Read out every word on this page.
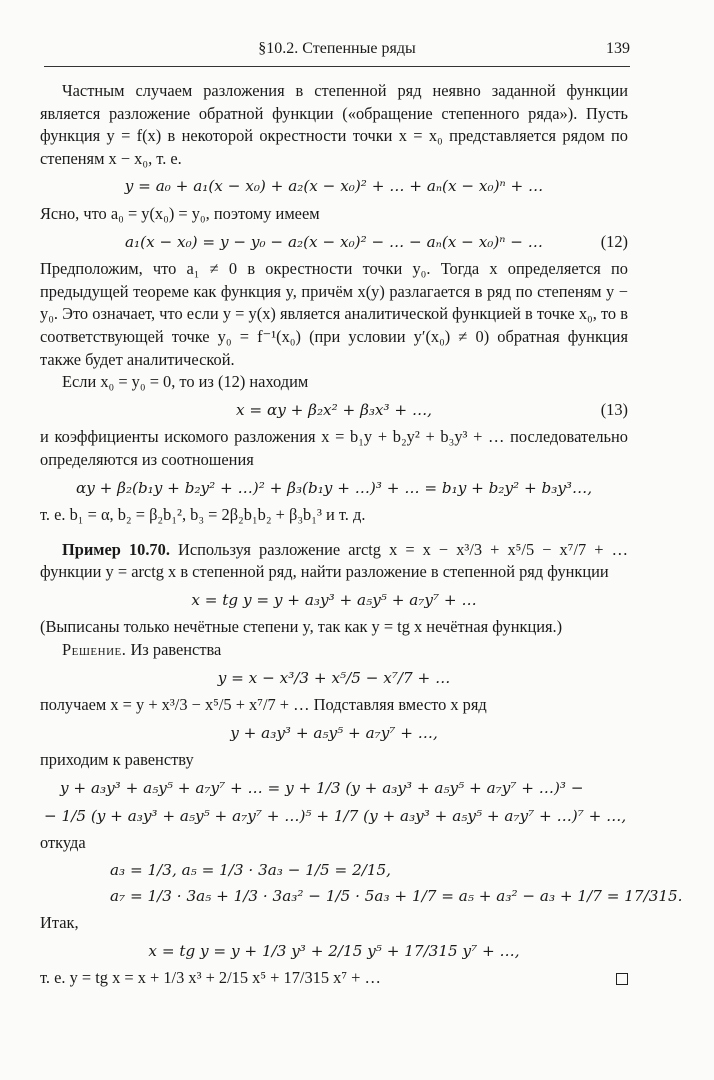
§10.2. Степенные ряды	139

Частным случаем разложения в степенной ряд неявно заданной функции является разложение обратной функции («обращение степенного ряда»). Пусть функция y = f(x) в некоторой окрестности точки x = x₀ представляется рядом по степеням x − x₀, т. е.

y = a₀ + a₁(x − x₀) + a₂(x − x₀)² + … + aₙ(x − x₀)ⁿ + …

Ясно, что a₀ = y(x₀) = y₀, поэтому имеем

a₁(x − x₀) = y − y₀ − a₂(x − x₀)² − … − aₙ(x − x₀)ⁿ − …	(12)

Предположим, что a₁ ≠ 0 в окрестности точки y₀. Тогда x определяется по предыдущей теореме как функция y, причём x(y) разлагается в ряд по степеням y − y₀. Это означает, что если y = y(x) является аналитической функцией в точке x₀, то в соответствующей точке y₀ = f⁻¹(x₀) (при условии y′(x₀) ≠ 0) обратная функция также будет аналитической.

Если x₀ = y₀ = 0, то из (12) находим

x = αy + β₂x² + β₃x³ + …,	(13)

и коэффициенты искомого разложения x = b₁y + b₂y² + b₃y³ + … последовательно определяются из соотношения

αy + β₂(b₁y + b₂y² + …)² + β₃(b₁y + …)³ + … = b₁y + b₂y² + b₃y³…,

т. е. b₁ = α, b₂ = β₂b₁², b₃ = 2β₂b₁b₂ + β₃b₁³ и т. д.

Пример 10.70. Используя разложение arctg x = x − x³/3 + x⁵/5 − x⁷/7 + … функции y = arctg x в степенной ряд, найти разложение в степенной ряд функции

x = tg y = y + a₃y³ + a₅y⁵ + a₇y⁷ + …

(Выписаны только нечётные степени y, так как y = tg x нечётная функция.)

Решение. Из равенства

y = x − x³/3 + x⁵/5 − x⁷/7 + …

получаем x = y + x³/3 − x⁵/5 + x⁷/7 + … Подставляя вместо x ряд

y + a₃y³ + a₅y⁵ + a₇y⁷ + …,

приходим к равенству

y + a₃y³ + a₅y⁵ + a₇y⁷ + … = y + 1/3 (y + a₃y³ + a₅y⁵ + a₇y⁷ + …)³ −
− 1/5 (y + a₃y³ + a₅y⁵ + a₇y⁷ + …)⁵ + 1/7 (y + a₃y³ + a₅y⁵ + a₇y⁷ + …)⁷ + …,

откуда

a₃ = 1/3, a₅ = 1/3 · 3a₃ − 1/5 = 2/15,
a₇ = 1/3 · 3a₅ + 1/3 · 3a₃² − 1/5 · 5a₃ + 1/7 = a₅ + a₃² − a₃ + 1/7 = 17/315.

Итак,

x = tg y = y + 1/3 y³ + 2/15 y⁵ + 17/315 y⁷ + …,

т. е. y = tg x = x + 1/3 x³ + 2/15 x⁵ + 17/315 x⁷ + …
